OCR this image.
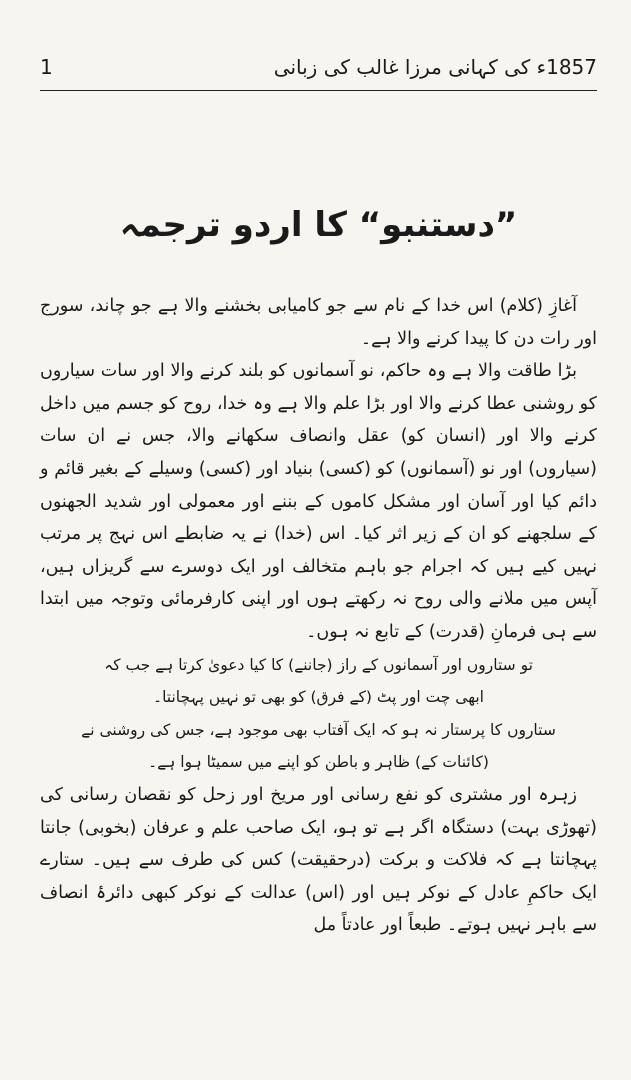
1	1857ء کی کہانی مرزا غالب کی زبانی
”دستنبو“ کا اردو ترجمہ

آغازِ (کلام) اس خدا کے نام سے جو کامیابی بخشنے والا ہے جو چاند، سورج اور رات دن کا پیدا کرنے والا ہے۔

بڑا طاقت والا ہے وہ حاکم، نو آسمانوں کو بلند کرنے والا اور سات سیاروں کو روشنی عطا کرنے والا اور بڑا علم والا ہے وہ خدا، روح کو جسم میں داخل کرنے والا اور (انسان کو) عقل وانصاف سکھانے والا، جس نے ان سات (سیاروں) اور نو (آسمانوں) کو (کسی) بنیاد اور (کسی) وسیلے کے بغیر قائم و دائم کیا اور آسان اور مشکل کاموں کے بننے اور معمولی اور شدید الجھنوں کے سلجھنے کو ان کے زیر اثر کیا۔ اس (خدا) نے یہ ضابطے اس نہج پر مرتب نہیں کیے ہیں کہ اجرام جو باہم متخالف اور ایک دوسرے سے گریزاں ہیں، آپس میں ملانے والی روح نہ رکھتے ہوں اور اپنی کارفرمائی وتوجہ میں ابتدا سے ہی فرمانِ (قدرت) کے تابع نہ ہوں۔

تو ستاروں اور آسمانوں کے راز (جاننے) کا کیا دعویٰ کرتا ہے جب کہ
ابھی چت اور پٹ (کے فرق) کو بھی تو نہیں پہچانتا۔
ستاروں کا پرستار نہ ہو کہ ایک آفتاب بھی موجود ہے، جس کی روشنی نے
(کائنات کے) ظاہر و باطن کو اپنے میں سمیٹا ہوا ہے۔

زہرہ اور مشتری کو نفع رسانی اور مریخ اور زحل کو نقصان رسانی کی (تھوڑی بہت) دستگاہ اگر ہے تو ہو، ایک صاحب علم و عرفان (بخوبی) جانتا پہچانتا ہے کہ فلاکت و برکت (درحقیقت) کس کی طرف سے ہیں۔ ستارے ایک حاکمِ عادل کے نوکر ہیں اور (اس) عدالت کے نوکر کبھی دائرۂ انصاف سے باہر نہیں ہوتے۔ طبعاً اور عادتاً مل
